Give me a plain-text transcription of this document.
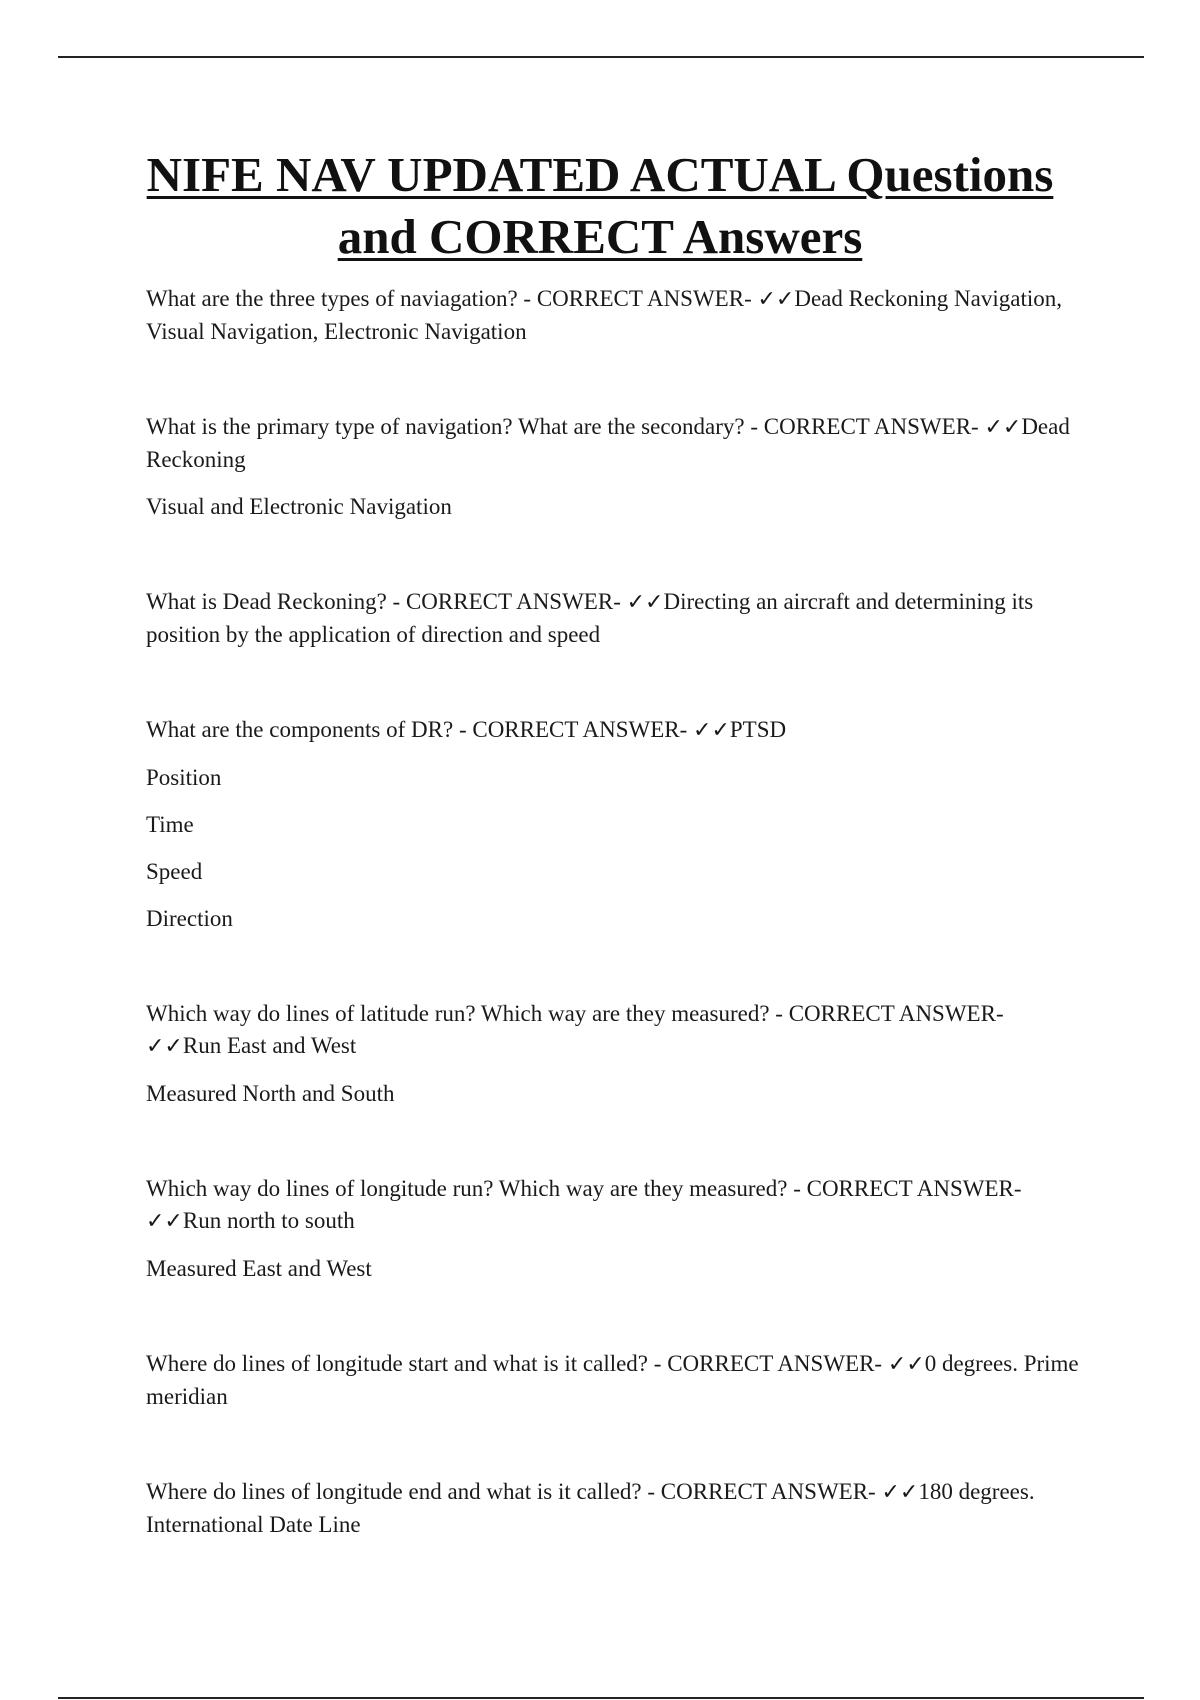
NIFE NAV UPDATED ACTUAL Questions and CORRECT Answers

What are the three types of naviagation? - CORRECT ANSWER- ✓✓Dead Reckoning Navigation, Visual Navigation, Electronic Navigation

What is the primary type of navigation? What are the secondary? - CORRECT ANSWER- ✓✓Dead Reckoning

Visual and Electronic Navigation

What is Dead Reckoning? - CORRECT ANSWER- ✓✓Directing an aircraft and determining its position by the application of direction and speed

What are the components of DR? - CORRECT ANSWER- ✓✓PTSD

Position

Time

Speed

Direction

Which way do lines of latitude run? Which way are they measured? - CORRECT ANSWER- ✓✓Run East and West

Measured North and South

Which way do lines of longitude run? Which way are they measured? - CORRECT ANSWER- ✓✓Run north to south

Measured East and West

Where do lines of longitude start and what is it called? - CORRECT ANSWER- ✓✓0 degrees. Prime meridian

Where do lines of longitude end and what is it called? - CORRECT ANSWER- ✓✓180 degrees. International Date Line
